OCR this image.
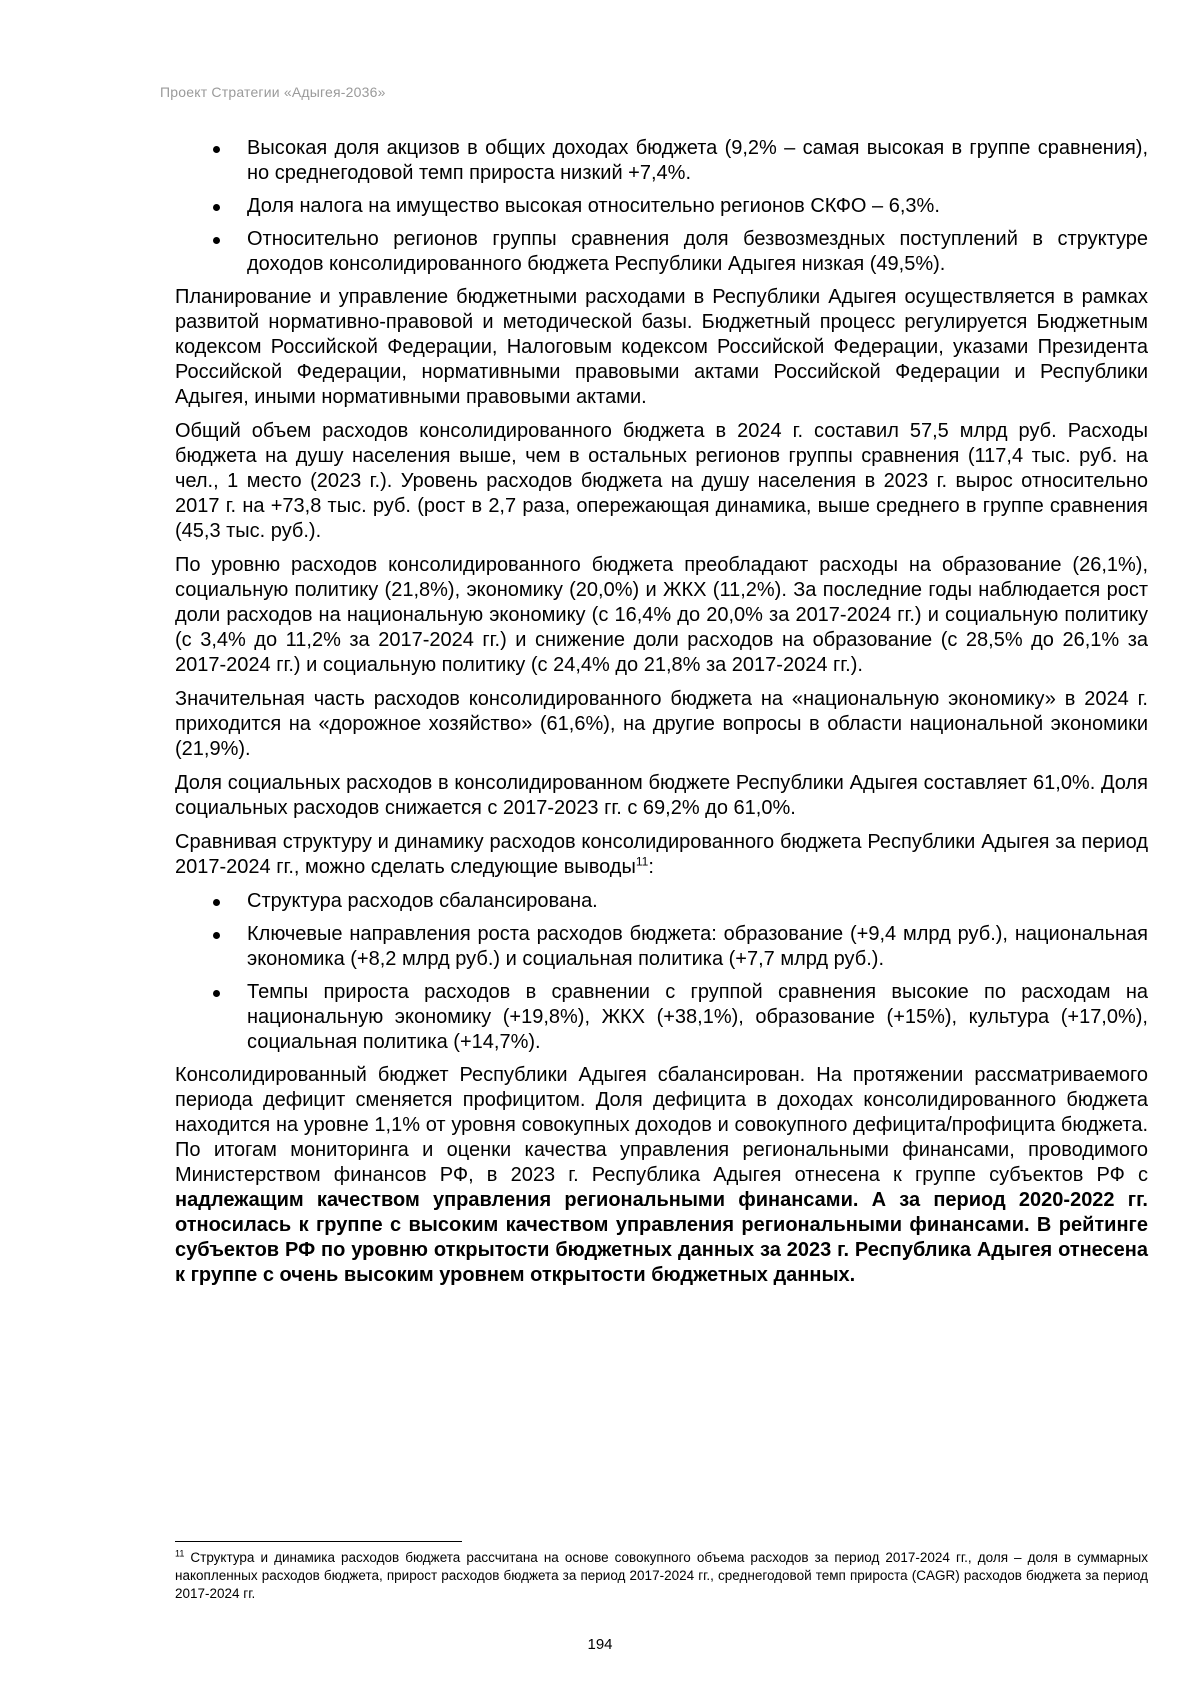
Проект Стратегии «Адыгея-2036»
Высокая доля акцизов в общих доходах бюджета (9,2% – самая высокая в группе сравнения), но среднегодовой темп прироста низкий +7,4%.
Доля налога на имущество высокая относительно регионов СКФО – 6,3%.
Относительно регионов группы сравнения доля безвозмездных поступлений в структуре доходов консолидированного бюджета Республики Адыгея низкая (49,5%).

Планирование и управление бюджетными расходами в Республики Адыгея осуществляется в рамках развитой нормативно-правовой и методической базы. Бюджетный процесс регулируется Бюджетным кодексом Российской Федерации, Налоговым кодексом Российской Федерации, указами Президента Российской Федерации, нормативными правовыми актами Российской Федерации и Республики Адыгея, иными нормативными правовыми актами.

Общий объем расходов консолидированного бюджета в 2024 г. составил 57,5 млрд руб. Расходы бюджета на душу населения выше, чем в остальных регионов группы сравнения (117,4 тыс. руб. на чел., 1 место (2023 г.). Уровень расходов бюджета на душу населения в 2023 г. вырос относительно 2017 г. на +73,8 тыс. руб. (рост в 2,7 раза, опережающая динамика, выше среднего в группе сравнения (45,3 тыс. руб.).

По уровню расходов консолидированного бюджета преобладают расходы на образование (26,1%), социальную политику (21,8%), экономику (20,0%) и ЖКХ (11,2%). За последние годы наблюдается рост доли расходов на национальную экономику (с 16,4% до 20,0% за 2017-2024 гг.) и социальную политику (с 3,4% до 11,2% за 2017-2024 гг.) и снижение доли расходов на образование (с 28,5% до 26,1% за 2017-2024 гг.) и социальную политику (с 24,4% до 21,8% за 2017-2024 гг.).

Значительная часть расходов консолидированного бюджета на «национальную экономику» в 2024 г. приходится на «дорожное хозяйство» (61,6%), на другие вопросы в области национальной экономики (21,9%).

Доля социальных расходов в консолидированном бюджете Республики Адыгея составляет 61,0%. Доля социальных расходов снижается с 2017-2023 гг. с 69,2% до 61,0%.

Сравнивая структуру и динамику расходов консолидированного бюджета Республики Адыгея за период 2017-2024 гг., можно сделать следующие выводы$^{11}$:

Структура расходов сбалансирована.
Ключевые направления роста расходов бюджета: образование (+9,4 млрд руб.), национальная экономика (+8,2 млрд руб.) и социальная политика (+7,7 млрд руб.).
Темпы прироста расходов в сравнении с группой сравнения высокие по расходам на национальную экономику (+19,8%), ЖКХ (+38,1%), образование (+15%), культура (+17,0%), социальная политика (+14,7%).

Консолидированный бюджет Республики Адыгея сбалансирован. На протяжении рассматриваемого периода дефицит сменяется профицитом. Доля дефицита в доходах консолидированного бюджета находится на уровне 1,1% от уровня совокупных доходов и совокупного дефицита/профицита бюджета. По итогам мониторинга и оценки качества управления региональными финансами, проводимого Министерством финансов РФ, в 2023 г. Республика Адыгея отнесена к группе субъектов РФ с надлежащим качеством управления региональными финансами. А за период 2020-2022 гг. относилась к группе с высоким качеством управления региональными финансами. В рейтинге субъектов РФ по уровню открытости бюджетных данных за 2023 г. Республика Адыгея отнесена к группе с очень высоким уровнем открытости бюджетных данных.

$^{11}$ Структура и динамика расходов бюджета рассчитана на основе совокупного объема расходов за период 2017-2024 гг., доля – доля в суммарных накопленных расходов бюджета, прирост расходов бюджета за период 2017-2024 гг., среднегодовой темп прироста (CAGR) расходов бюджета за период 2017-2024 гг.
194
